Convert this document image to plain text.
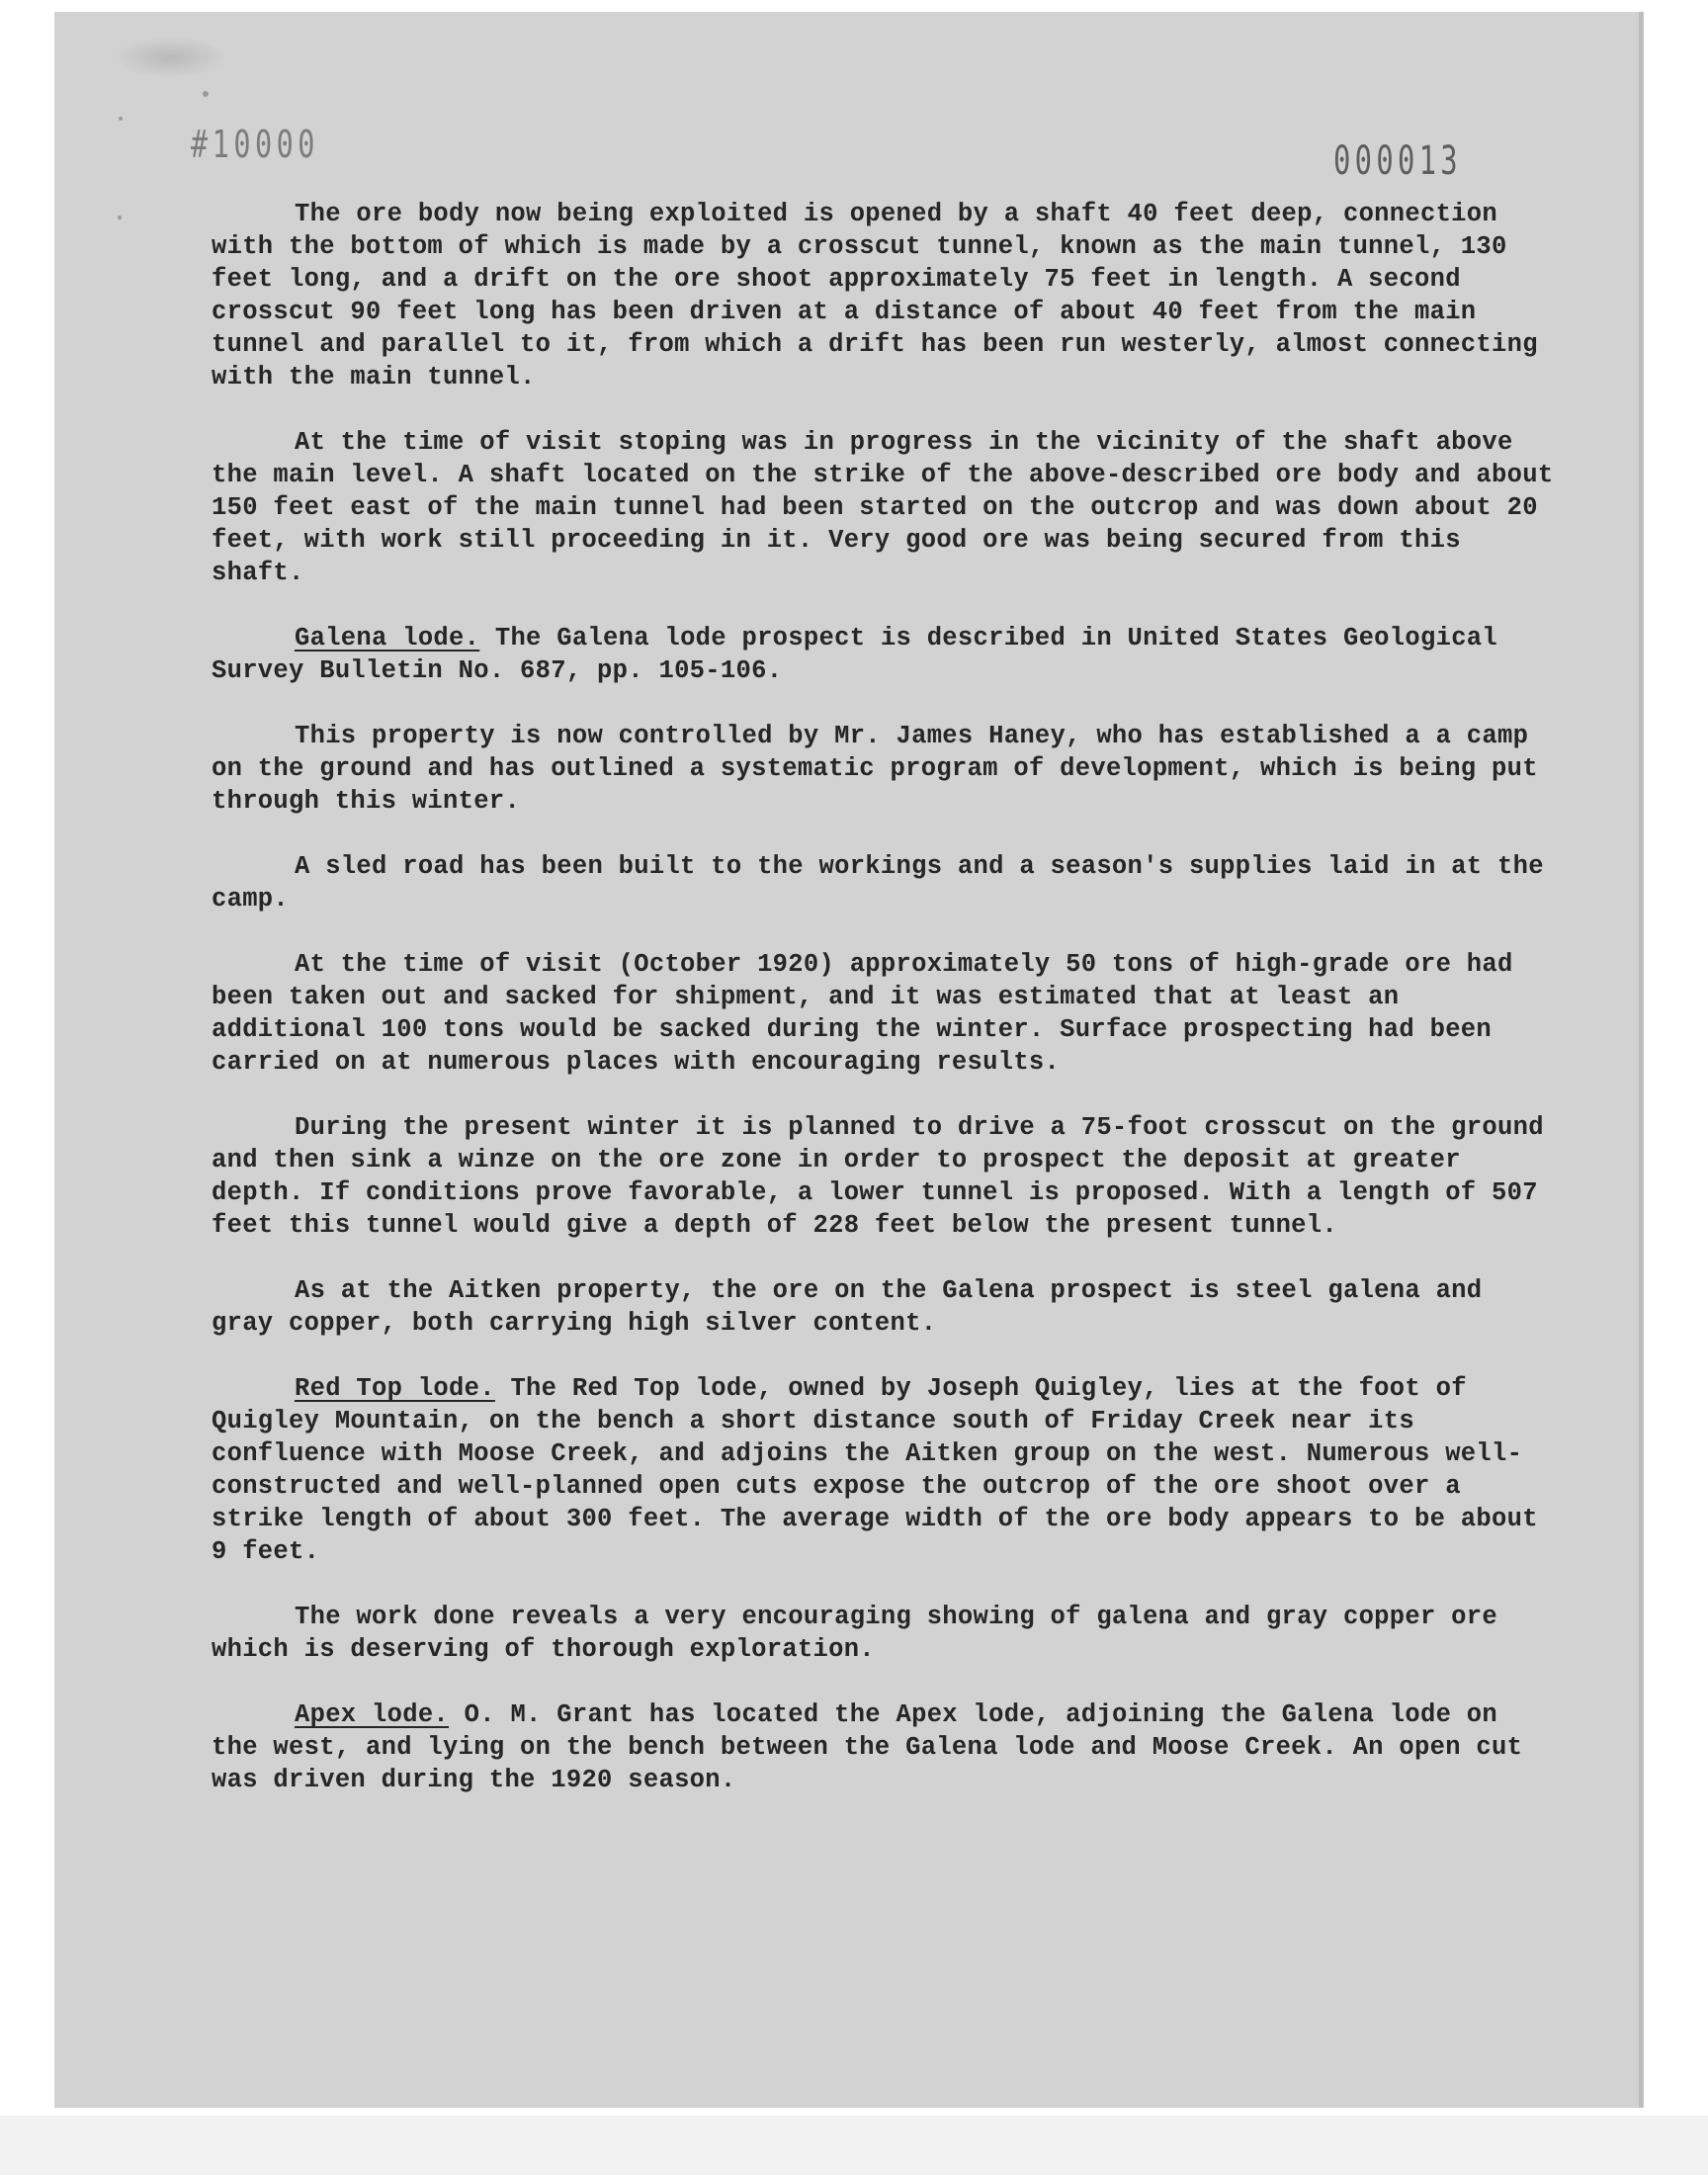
#10000	000013

The ore body now being exploited is opened by a shaft 40 feet deep, connection with the bottom of which is made by a crosscut tunnel, known as the main tunnel, 130 feet long, and a drift on the ore shoot approximately 75 feet in length. A second crosscut 90 feet long has been driven at a distance of about 40 feet from the main tunnel and parallel to it, from which a drift has been run westerly, almost connecting with the main tunnel.

At the time of visit stoping was in progress in the vicinity of the shaft above the main level. A shaft located on the strike of the above-described ore body and about 150 feet east of the main tunnel had been started on the outcrop and was down about 20 feet, with work still proceeding in it. Very good ore was being secured from this shaft.

Galena lode. The Galena lode prospect is described in United States Geological Survey Bulletin No. 687, pp. 105-106.

This property is now controlled by Mr. James Haney, who has established a a camp on the ground and has outlined a systematic program of development, which is being put through this winter.

A sled road has been built to the workings and a season's supplies laid in at the camp.

At the time of visit (October 1920) approximately 50 tons of high-grade ore had been taken out and sacked for shipment, and it was estimated that at least an additional 100 tons would be sacked during the winter. Surface prospecting had been carried on at numerous places with encouraging results.

During the present winter it is planned to drive a 75-foot crosscut on the ground and then sink a winze on the ore zone in order to prospect the deposit at greater depth. If conditions prove favorable, a lower tunnel is proposed. With a length of 507 feet this tunnel would give a depth of 228 feet below the present tunnel.

As at the Aitken property, the ore on the Galena prospect is steel galena and gray copper, both carrying high silver content.

Red Top lode. The Red Top lode, owned by Joseph Quigley, lies at the foot of Quigley Mountain, on the bench a short distance south of Friday Creek near its confluence with Moose Creek, and adjoins the Aitken group on the west. Numerous well-constructed and well-planned open cuts expose the outcrop of the ore shoot over a strike length of about 300 feet. The average width of the ore body appears to be about 9 feet.

The work done reveals a very encouraging showing of galena and gray copper ore which is deserving of thorough exploration.

Apex lode. O. M. Grant has located the Apex lode, adjoining the Galena lode on the west, and lying on the bench between the Galena lode and Moose Creek. An open cut was driven during the 1920 season.
